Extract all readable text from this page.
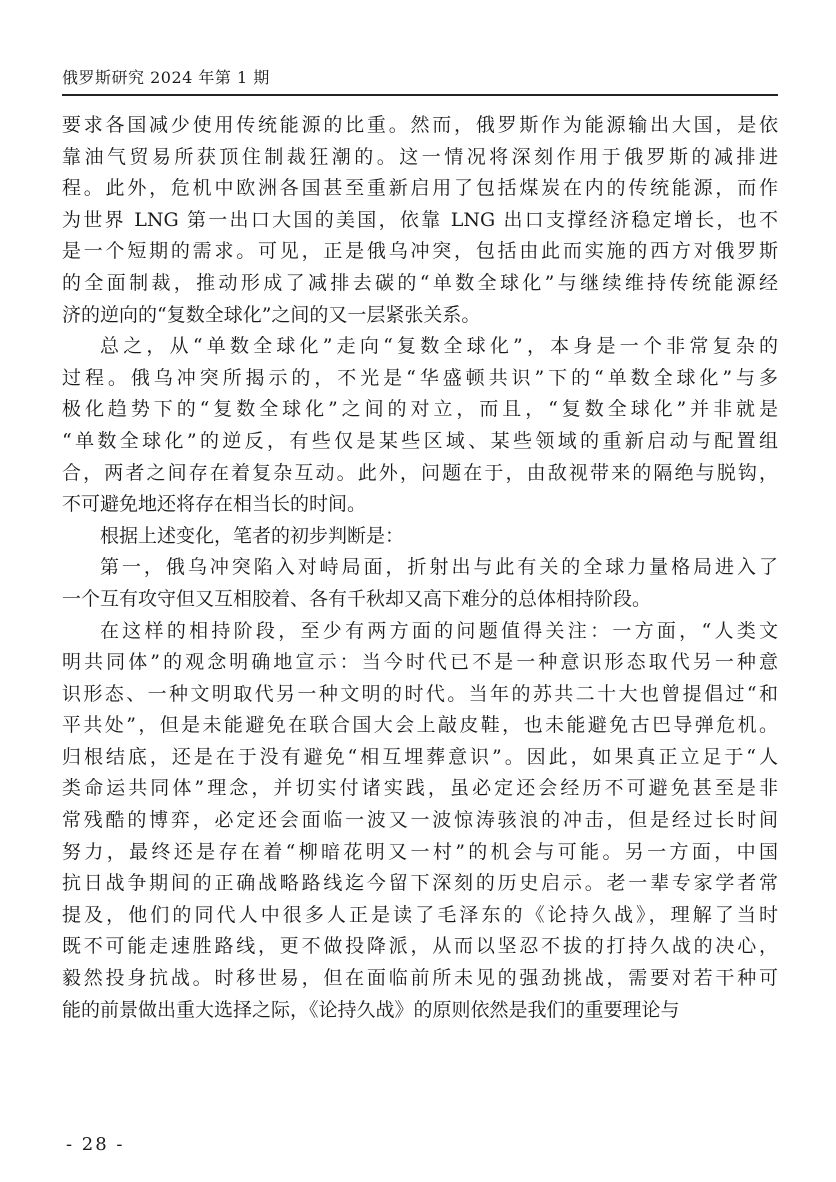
俄罗斯研究 2024 年第 1 期

要求各国减少使用传统能源的比重。然而，俄罗斯作为能源输出大国，是依
靠油气贸易所获顶住制裁狂潮的。这一情况将深刻作用于俄罗斯的减排进
程。此外，危机中欧洲各国甚至重新启用了包括煤炭在内的传统能源，而作
为世界 LNG 第一出口大国的美国，依靠 LNG 出口支撑经济稳定增长，也不
是一个短期的需求。可见，正是俄乌冲突，包括由此而实施的西方对俄罗斯
的全面制裁，推动形成了减排去碳的“单数全球化”与继续维持传统能源经
济的逆向的“复数全球化”之间的又一层紧张关系。

总之，从“单数全球化”走向“复数全球化”，本身是一个非常复杂的
过程。俄乌冲突所揭示的，不光是“华盛顿共识”下的“单数全球化”与多
极化趋势下的“复数全球化”之间的对立，而且，“复数全球化”并非就是
“单数全球化”的逆反，有些仅是某些区域、某些领域的重新启动与配置组
合，两者之间存在着复杂互动。此外，问题在于，由敌视带来的隔绝与脱钩，
不可避免地还将存在相当长的时间。

根据上述变化，笔者的初步判断是：

第一，俄乌冲突陷入对峙局面，折射出与此有关的全球力量格局进入了
一个互有攻守但又互相胶着、各有千秋却又高下难分的总体相持阶段。

在这样的相持阶段，至少有两方面的问题值得关注：一方面，“人类文
明共同体”的观念明确地宣示：当今时代已不是一种意识形态取代另一种意
识形态、一种文明取代另一种文明的时代。当年的苏共二十大也曾提倡过“和
平共处”，但是未能避免在联合国大会上敲皮鞋，也未能避免古巴导弹危机。
归根结底，还是在于没有避免“相互埋葬意识”。因此，如果真正立足于“人
类命运共同体”理念，并切实付诸实践，虽必定还会经历不可避免甚至是非
常残酷的博弈，必定还会面临一波又一波惊涛骇浪的冲击，但是经过长时间
努力，最终还是存在着“柳暗花明又一村”的机会与可能。另一方面，中国
抗日战争期间的正确战略路线迄今留下深刻的历史启示。老一辈专家学者常
提及，他们的同代人中很多人正是读了毛泽东的《论持久战》，理解了当时
既不可能走速胜路线，更不做投降派，从而以坚忍不拔的打持久战的决心，
毅然投身抗战。时移世易，但在面临前所未见的强劲挑战，需要对若干种可
能的前景做出重大选择之际，《论持久战》的原则依然是我们的重要理论与

- 28 -
